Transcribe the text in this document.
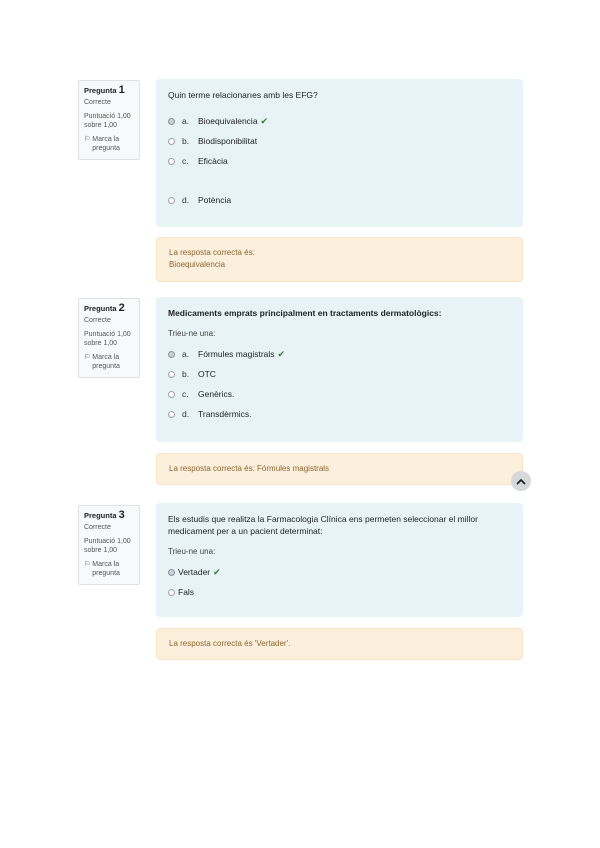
Pregunta 1
Correcte
Puntuació 1,00 sobre 1,00
⚐ Marca la pregunta
Quin terme relacionarıes amb les EFG?
a.	Bioequivalencia ✔
b.	Biodisponibilitat
c.	Eficàcia
d.	Potència
La resposta correcta és:
Bioequivalencia
Pregunta 2
Correcte
Puntuació 1,00 sobre 1,00
⚐ Marca la pregunta
Medicaments emprats principalment en tractaments dermatològics:
Trieu-ne una:
a.	Fórmules magistrals ✔
b.	OTC
c.	Genèrics.
d.	Transdèrmics.
La resposta correcta és: Fórmules magistrals
Pregunta 3
Correcte
Puntuació 1,00 sobre 1,00
⚐ Marca la pregunta
Els estudis que realitza la Farmacologia Clínica ens permeten seleccionar el millor medicament per a un pacient determinat:
Trieu-ne una:
Vertader ✔
Fals
La resposta correcta és 'Vertader'.
